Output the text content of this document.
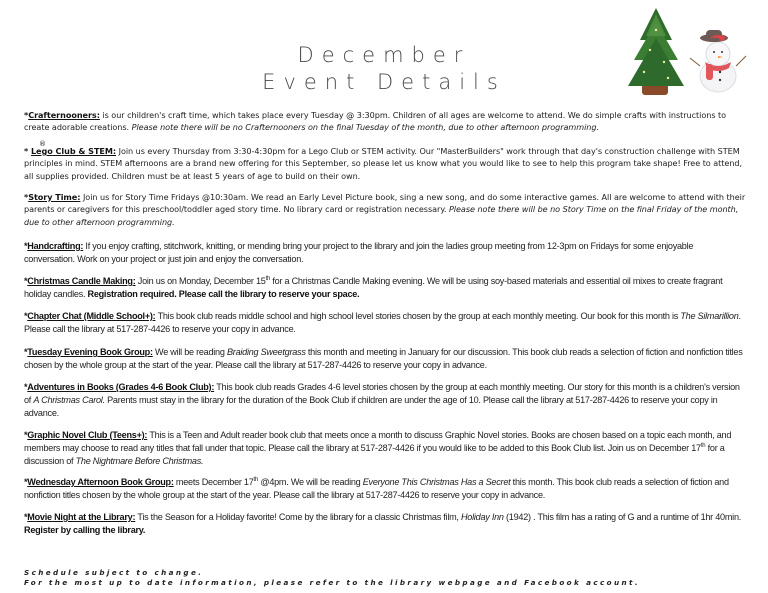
December
Event Details
*Crafternooners: is our children's craft time, which takes place every Tuesday @ 3:30pm. Children of all ages are welcome to attend. We do simple crafts with instructions to create adorable creations. Please note there will be no Crafternooners on the final Tuesday of the month, due to other afternoon programming.
* Lego
®
Club & STEM: Join us every Thursday from 3:30-4:30pm for a Lego Club or STEM activity. Our "MasterBuilders" work through that day's construction challenge with STEM principles in mind. STEM afternoons are a brand new offering for this September, so please let us know what you would like to see to help this program take shape! Free to attend, all supplies provided. Children must be at least 5 years of age to build on their own.
*Story Time: Join us for Story Time Fridays @10:30am. We read an Early Level Picture book, sing a new song, and do some interactive games. All are welcome to attend with their parents or caregivers for this preschool/toddler aged story time. No library card or registration necessary. Please note there will be no Story Time on the final Friday of the month, due to other afternoon programming.
*Handcrafting: If you enjoy crafting, stitchwork, knitting, or mending bring your project to the library and join the ladies group meeting from 12-3pm on Fridays for some enjoyable conversation. Work on your project or just join and enjoy the conversation.
*Christmas Candle Making: Join us on Monday, December 15th for a Christmas Candle Making evening. We will be using soy-based materials and essential oil mixes to create fragrant holiday candles. Registration required. Please call the library to reserve your space.
*Chapter Chat (Middle School+): This book club reads middle school and high school level stories chosen by the group at each monthly meeting. Our book for this month is The Silmarillion. Please call the library at 517-287-4426 to reserve your copy in advance.
*Tuesday Evening Book Group: We will be reading Braiding Sweetgrass this month and meeting in January for our discussion. This book club reads a selection of fiction and nonfiction titles chosen by the whole group at the start of the year. Please call the library at 517-287-4426 to reserve your copy in advance.
*Adventures in Books (Grades 4-6 Book Club): This book club reads Grades 4-6 level stories chosen by the group at each monthly meeting. Our story for this month is a children's version of A Christmas Carol. Parents must stay in the library for the duration of the Book Club if children are under the age of 10. Please call the library at 517-287-4426 to reserve your copy in advance.
*Graphic Novel Club (Teens+): This is a Teen and Adult reader book club that meets once a month to discuss Graphic Novel stories. Books are chosen based on a topic each month, and members may choose to read any titles that fall under that topic. Please call the library at 517-287-4426 if you would like to be added to this Book Club list. Join us on December 17th for a discussion of The Nightmare Before Christmas.
*Wednesday Afternoon Book Group: meets December 17th @4pm. We will be reading Everyone This Christmas Has a Secret this month. This book club reads a selection of fiction and nonfiction titles chosen by the whole group at the start of the year. Please call the library at 517-287-4426 to reserve your copy in advance.
*Movie Night at the Library: Tis the Season for a Holiday favorite! Come by the library for a classic Christmas film, Holiday Inn (1942) . This film has a rating of G and a runtime of 1hr 40min. Register by calling the library.
Schedule subject to change.
For the most up to date information, please refer to the library webpage and Facebook account.
